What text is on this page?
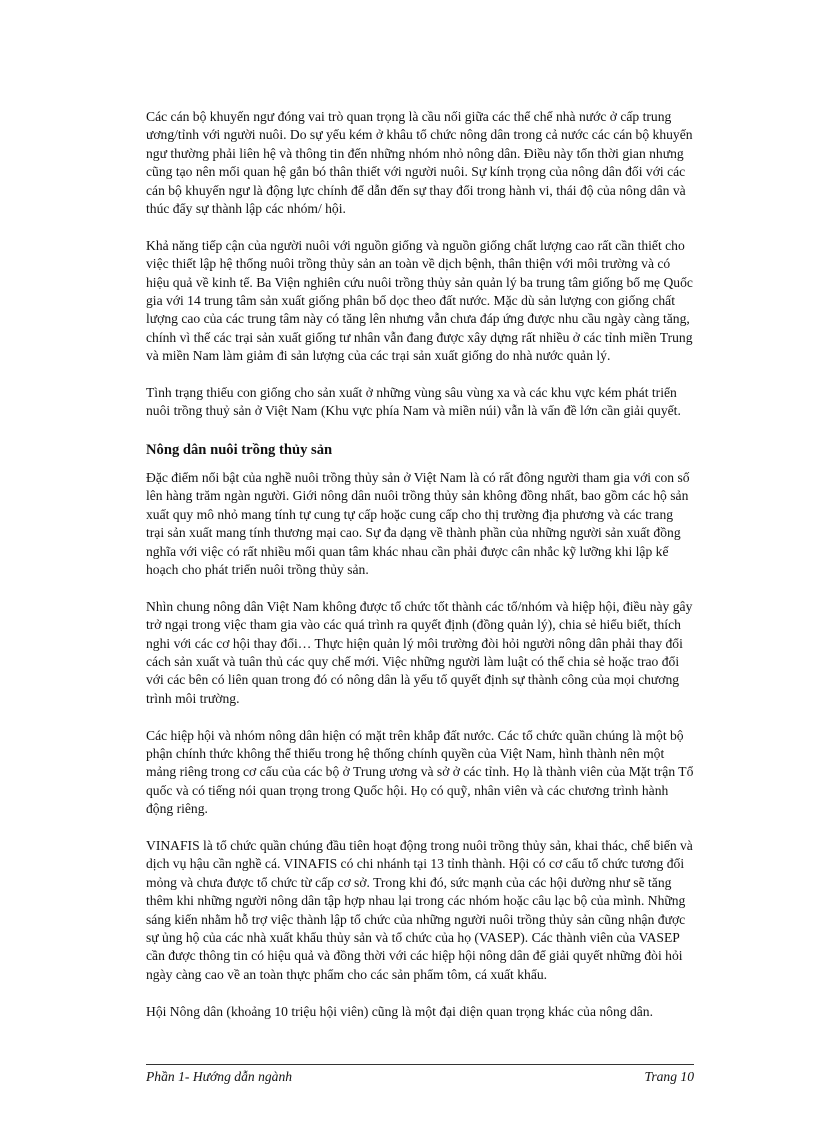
Các cán bộ khuyến ngư đóng vai trò quan trọng là cầu nối giữa các thể chế nhà nước ở cấp trung ương/tỉnh với người nuôi. Do sự yếu kém ở khâu tổ chức nông dân trong cả nước các cán bộ khuyến ngư thường phải liên hệ và thông tin đến những nhóm nhỏ nông dân. Điều này tốn thời gian nhưng cũng tạo nên mối quan hệ gắn bó thân thiết với người nuôi. Sự kính trọng của nông dân đối với các cán bộ khuyến ngư là động lực chính để dẫn đến sự thay đổi trong hành vi, thái độ của nông dân và thúc đẩy sự thành lập các nhóm/ hội.

Khả năng tiếp cận của người nuôi với nguồn giống và nguồn giống chất lượng cao rất cần thiết cho việc thiết lập hệ thống nuôi trồng thủy sản an toàn về dịch bệnh, thân thiện với môi trường và có hiệu quả về kinh tế. Ba Viện nghiên cứu nuôi trồng thủy sản quản lý ba trung tâm giống bố mẹ Quốc gia với 14 trung tâm sản xuất giống phân bố dọc theo đất nước. Mặc dù sản lượng con giống chất lượng cao của các trung tâm này có tăng lên nhưng vẫn chưa đáp ứng được nhu cầu ngày càng tăng, chính vì thế các trại sản xuất giống tư nhân vẫn đang được xây dựng rất nhiều ở các tỉnh miền Trung và miền Nam làm giảm đi sản lượng của các trại sản xuất giống do nhà nước quản lý.

Tình trạng thiếu con giống cho sản xuất ở những vùng sâu vùng xa và các khu vực kém phát triển nuôi trồng thuỷ sản ở Việt Nam (Khu vực phía Nam và miền núi) vẫn là vấn đề lớn cần giải quyết.

Nông dân nuôi trồng thủy sản

Đặc điểm nổi bật của nghề nuôi trồng thủy sản ở Việt Nam là có rất đông người tham gia với con số lên hàng trăm ngàn người. Giới nông dân nuôi trồng thủy sản không đồng nhất, bao gồm các hộ sản xuất quy mô nhỏ mang tính tự cung tự cấp hoặc cung cấp cho thị trường địa phương và các trang trại sản xuất mang tính thương mại cao. Sự đa dạng về thành phần của những người sản xuất đồng nghĩa với việc có rất nhiều mối quan tâm khác nhau cần phải được cân nhắc kỹ lưỡng khi lập kế hoạch cho phát triển nuôi trồng thủy sản.

Nhìn chung nông dân Việt Nam không được tổ chức tốt thành các tổ/nhóm và hiệp hội, điều này gây trở ngại trong việc tham gia vào các quá trình ra quyết định (đồng quản lý), chia sẻ hiểu biết, thích nghi với các cơ hội thay đổi… Thực hiện quản lý môi trường đòi hỏi người nông dân phải thay đổi cách sản xuất và tuân thủ các quy chế mới. Việc những người làm luật có thể chia sẻ hoặc trao đổi với các bên có liên quan trong đó có nông dân là yếu tố quyết định sự thành công của mọi chương trình môi trường.

Các hiệp hội và nhóm nông dân hiện có mặt trên khắp đất nước. Các tổ chức quần chúng là một bộ phận chính thức không thể thiếu trong hệ thống chính quyền của Việt Nam, hình thành nên một mảng riêng trong cơ cấu của các bộ ở Trung ương và sở ở các tỉnh. Họ là thành viên của Mặt trận Tổ quốc và có tiếng nói quan trọng trong Quốc hội. Họ có quỹ, nhân viên và các chương trình hành động riêng.

VINAFIS là tổ chức quần chúng đầu tiên hoạt động trong nuôi trồng thủy sản, khai thác, chế biến và dịch vụ hậu cần nghề cá. VINAFIS có chi nhánh tại 13 tỉnh thành. Hội có cơ cấu tổ chức tương đối mỏng và chưa được tổ chức từ cấp cơ sở. Trong khi đó, sức mạnh của các hội dường như sẽ tăng thêm khi những người nông dân tập hợp nhau lại trong các nhóm hoặc câu lạc bộ của mình. Những sáng kiến nhằm hỗ trợ việc thành lập tổ chức của những người nuôi trồng thủy sản cũng nhận được sự ủng hộ của các nhà xuất khẩu thủy sản và tổ chức của họ (VASEP). Các thành viên của VASEP cần được thông tin có hiệu quả và đồng thời với các hiệp hội nông dân để giải quyết những đòi hỏi ngày càng cao về an toàn thực phẩm cho các sản phẩm tôm, cá xuất khẩu.

Hội Nông dân (khoảng 10 triệu hội viên) cũng là một đại diện quan trọng khác của nông dân.

Phần 1- Hướng dẫn ngành	Trang 10
